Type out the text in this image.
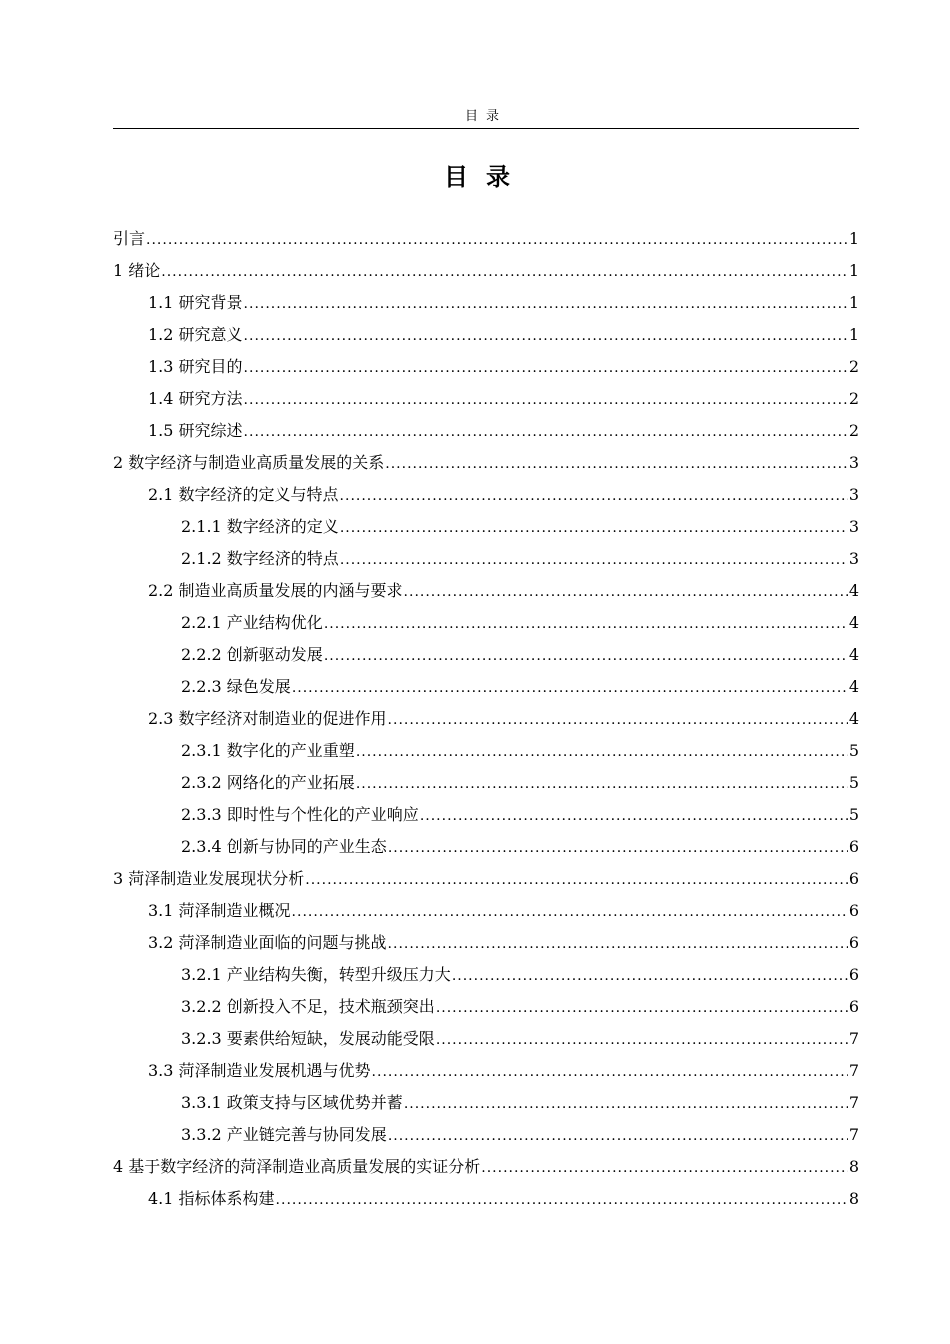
目录
目录
引言 .....	1
1 绪论 .....	1
1.1 研究背景 .....	1
1.2 研究意义 .....	1
1.3 研究目的 .....	2
1.4 研究方法 .....	2
1.5 研究综述 .....	2
2 数字经济与制造业高质量发展的关系 .....	3
2.1 数字经济的定义与特点 .....	3
2.1.1 数字经济的定义 .....	3
2.1.2 数字经济的特点 .....	3
2.2 制造业高质量发展的内涵与要求 .....	4
2.2.1 产业结构优化 .....	4
2.2.2 创新驱动发展 .....	4
2.2.3 绿色发展 .....	4
2.3 数字经济对制造业的促进作用 .....	4
2.3.1 数字化的产业重塑 .....	5
2.3.2 网络化的产业拓展 .....	5
2.3.3 即时性与个性化的产业响应 .....	5
2.3.4 创新与协同的产业生态 .....	6
3 菏泽制造业发展现状分析 .....	6
3.1 菏泽制造业概况 .....	6
3.2 菏泽制造业面临的问题与挑战 .....	6
3.2.1 产业结构失衡，转型升级压力大 .....	6
3.2.2 创新投入不足，技术瓶颈突出 .....	6
3.2.3 要素供给短缺，发展动能受限 .....	7
3.3 菏泽制造业发展机遇与优势 .....	7
3.3.1 政策支持与区域优势并蓄 .....	7
3.3.2 产业链完善与协同发展 .....	7
4 基于数字经济的菏泽制造业高质量发展的实证分析 .....	8
4.1 指标体系构建 .....	8
